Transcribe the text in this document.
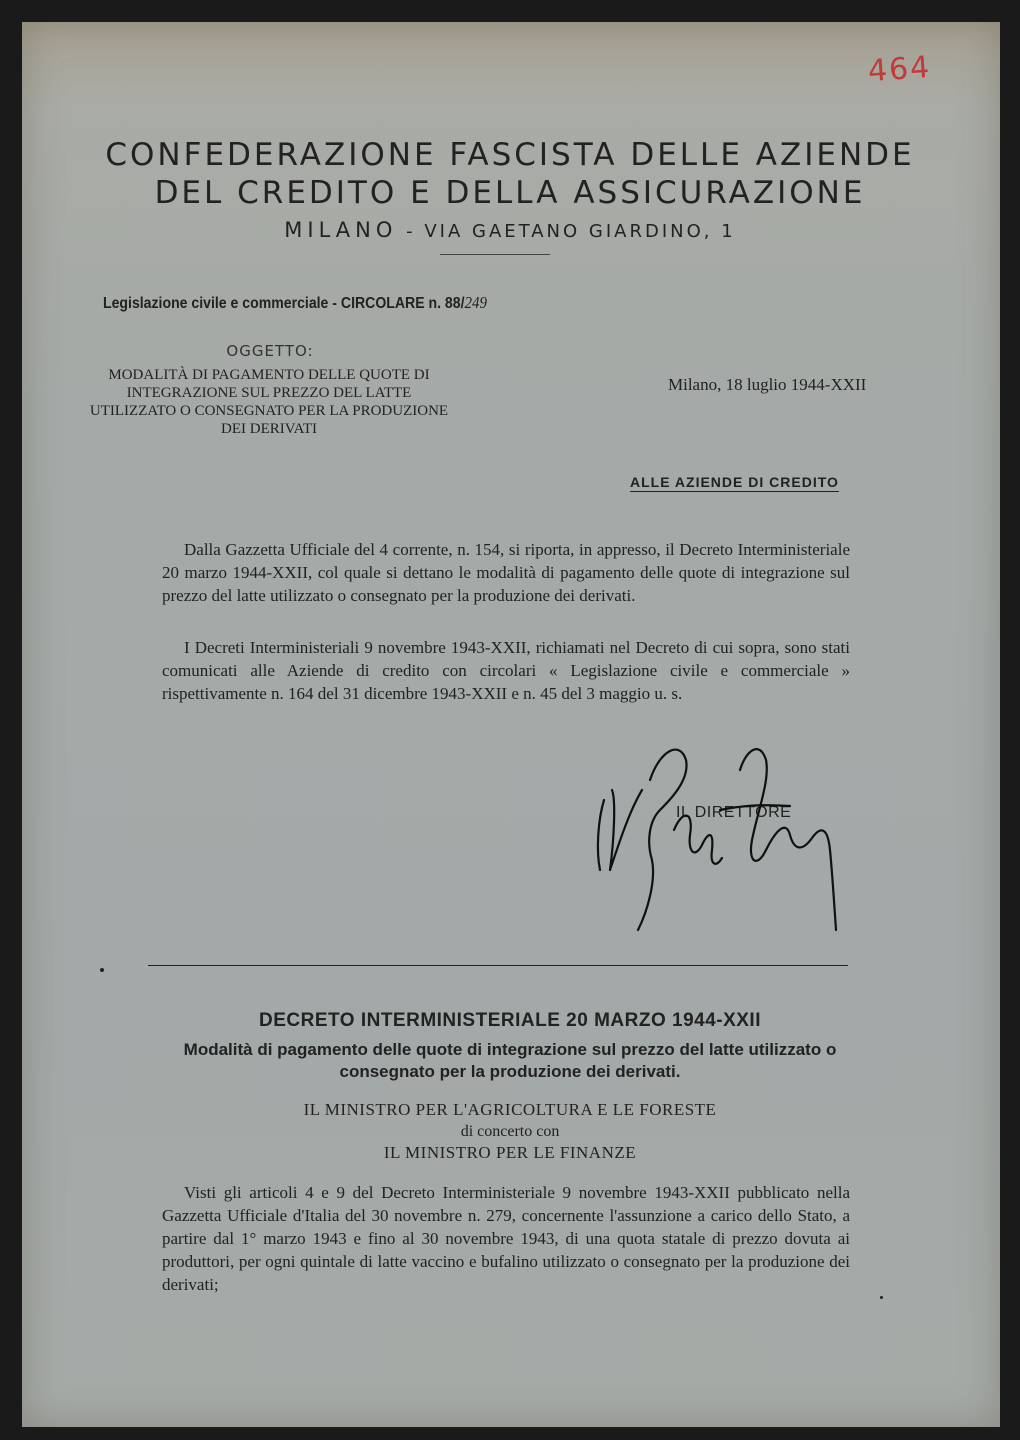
464
CONFEDERAZIONE FASCISTA DELLE AZIENDE
DEL CREDITO E DELLA ASSICURAZIONE
MILANO - VIA GAETANO GIARDINO, 1
Legislazione civile e commerciale - CIRCOLARE n. 88/249
OGGETTO:
MODALITÀ DI PAGAMENTO DELLE QUOTE DI INTEGRAZIONE SUL PREZZO DEL LATTE UTILIZZATO O CONSEGNATO PER LA PRODUZIONE DEI DERIVATI
Milano, 18 luglio 1944-XXII
ALLE AZIENDE DI CREDITO

Dalla Gazzetta Ufficiale del 4 corrente, n. 154, si riporta, in appresso, il Decreto Interministeriale 20 marzo 1944-XXII, col quale si dettano le modalità di pagamento delle quote di integrazione sul prezzo del latte utilizzato o consegnato per la produzione dei derivati.

I Decreti Interministeriali 9 novembre 1943-XXII, richiamati nel Decreto di cui sopra, sono stati comunicati alle Aziende di credito con circolari « Legislazione civile e commerciale » rispettivamente n. 164 del 31 dicembre 1943-XXII e n. 45 del 3 maggio u. s.

IL DIRETTORE
DECRETO INTERMINISTERIALE 20 MARZO 1944-XXII
Modalità di pagamento delle quote di integrazione sul prezzo del latte utilizzato o consegnato per la produzione dei derivati.
IL MINISTRO PER L'AGRICOLTURA E LE FORESTE
di concerto con
IL MINISTRO PER LE FINANZE

Visti gli articoli 4 e 9 del Decreto Interministeriale 9 novembre 1943-XXII pubblicato nella Gazzetta Ufficiale d'Italia del 30 novembre n. 279, concernente l'assunzione a carico dello Stato, a partire dal 1° marzo 1943 e fino al 30 novembre 1943, di una quota statale di prezzo dovuta ai produttori, per ogni quintale di latte vaccino e bufalino utilizzato o consegnato per la produzione dei derivati;
